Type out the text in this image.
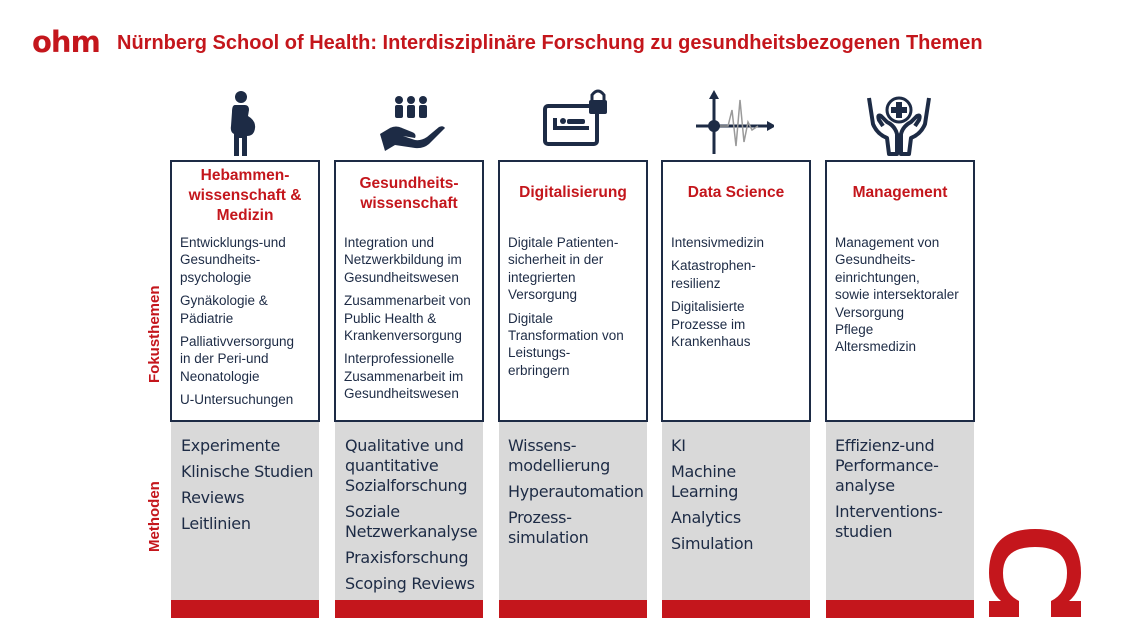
ohm Nürnberg School of Health: Interdisziplinäre Forschung zu gesundheitsbezogenen Themen
Fokusthemen
Methoden
Hebammen-
wissenschaft &
Medizin
Entwicklungs-und
Gesundheits-
psychologie
Gynäkologie &
Pädiatrie
Palliativversorgung
in der Peri-und
Neonatologie
U-Untersuchungen
Experimente
Klinische Studien
Reviews
Leitlinien
Gesundheits-
wissenschaft
Integration und
Netzwerkbildung im
Gesundheitswesen
Zusammenarbeit von
Public Health &
Krankenversorgung
Interprofessionelle
Zusammenarbeit im
Gesundheitswesen
Qualitative und
quantitative
Sozialforschung
Soziale
Netzwerkanalyse
Praxisforschung
Scoping Reviews
Digitalisierung
Digitale Patienten-
sicherheit in der
integrierten
Versorgung
Digitale
Transformation von
Leistungs-
erbringern
Wissens-
modellierung
Hyperautomation
Prozess-
simulation
Data Science
Intensivmedizin
Katastrophen-
resilienz
Digitalisierte
Prozesse im
Krankenhaus
KI
Machine
Learning
Analytics
Simulation
Management
Management von
Gesundheits-
einrichtungen,
sowie intersektoraler
Versorgung
Pflege
Altersmedizin
Effizienz-und
Performance-
analyse
Interventions-
studien
